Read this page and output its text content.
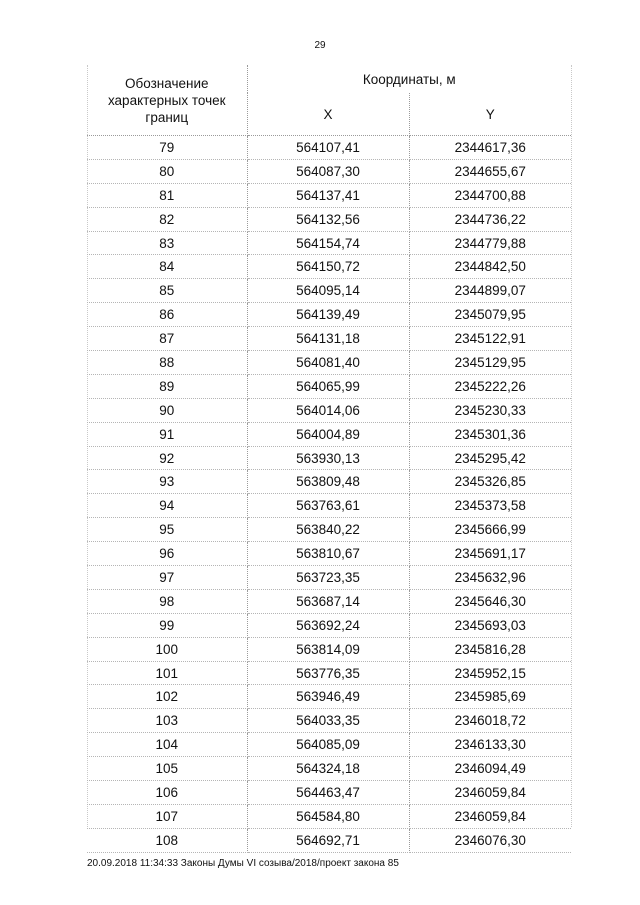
29
Обозначение характерных точек границ	Координаты, м	
	X	Y
79	564107,41	2344617,36
80	564087,30	2344655,67
81	564137,41	2344700,88
82	564132,56	2344736,22
83	564154,74	2344779,88
84	564150,72	2344842,50
85	564095,14	2344899,07
86	564139,49	2345079,95
87	564131,18	2345122,91
88	564081,40	2345129,95
89	564065,99	2345222,26
90	564014,06	2345230,33
91	564004,89	2345301,36
92	563930,13	2345295,42
93	563809,48	2345326,85
94	563763,61	2345373,58
95	563840,22	2345666,99
96	563810,67	2345691,17
97	563723,35	2345632,96
98	563687,14	2345646,30
99	563692,24	2345693,03
100	563814,09	2345816,28
101	563776,35	2345952,15
102	563946,49	2345985,69
103	564033,35	2346018,72
104	564085,09	2346133,30
105	564324,18	2346094,49
106	564463,47	2346059,84
107	564584,80	2346059,84
108	564692,71	2346076,30
20.09.2018 11:34:33 Законы Думы VI созыва/2018/проект закона 85
